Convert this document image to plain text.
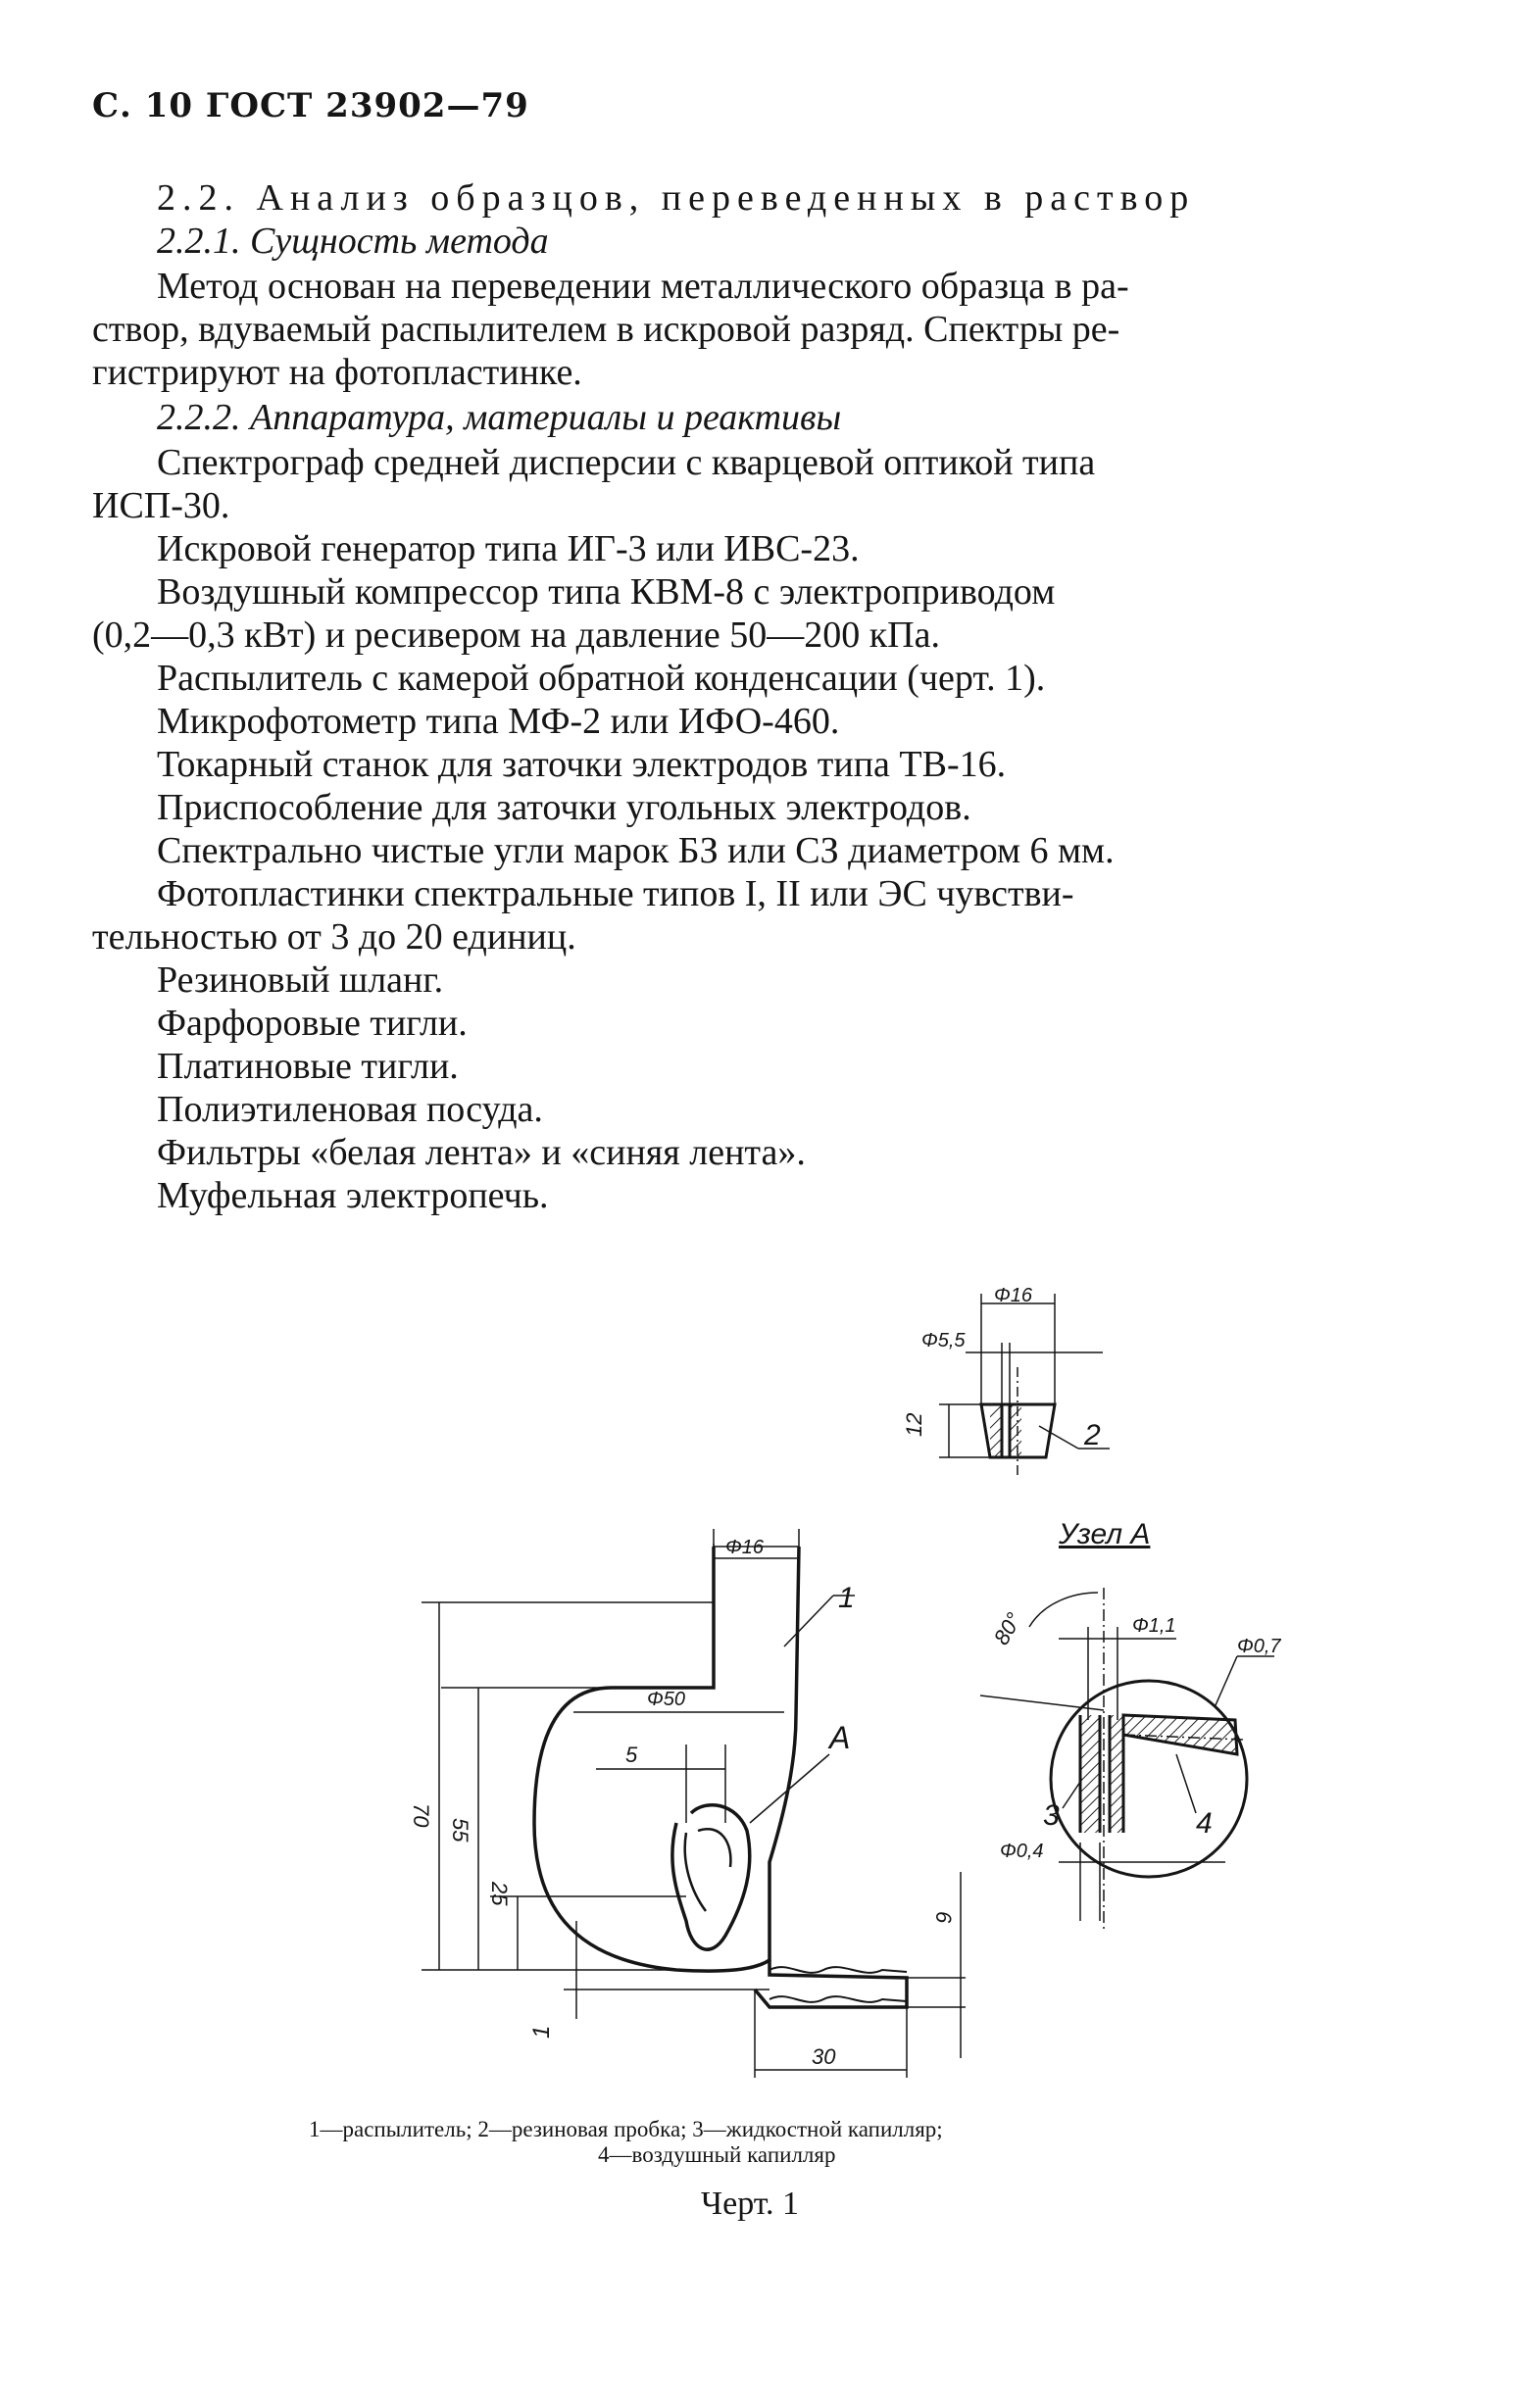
С. 10 ГОСТ 23902—79
2.2. Анализ образцов, переведенных в раствор
2.2.1. Сущность метода
Метод основан на переведении металлического образца в ра-
створ, вдуваемый распылителем в искровой разряд. Спектры ре-
гистрируют на фотопластинке.
2.2.2. Аппаратура, материалы и реактивы
Спектрограф средней дисперсии с кварцевой оптикой типа
ИСП-30.
Искровой генератор типа ИГ-3 или ИВС-23.
Воздушный компрессор типа КВМ-8 с электроприводом
(0,2—0,3 кВт) и ресивером на давление 50—200 кПа.
Распылитель с камерой обратной конденсации (черт. 1).
Микрофотометр типа МФ-2 или ИФО-460.
Токарный станок для заточки электродов типа ТВ-16.
Приспособление для заточки угольных электродов.
Спектрально чистые угли марок БЗ или СЗ диаметром 6 мм.
Фотопластинки спектральные типов I, II или ЭС чувстви-
тельностью от 3 до 20 единиц.
Резиновый шланг.
Фарфоровые тигли.
Платиновые тигли.
Полиэтиленовая посуда.
Фильтры «белая лента» и «синяя лента».
Муфельная электропечь.
Φ16
Φ5,5
12	2
Φ16
1
Φ50
A
5
70
55
25
1
6
30
Узел A
80°	Φ1,1
Φ0,7
Φ0,4
3	4
1—распылитель; 2—резиновая пробка; 3—жидкостной капилляр;
4—воздушный капилляр
Черт. 1
